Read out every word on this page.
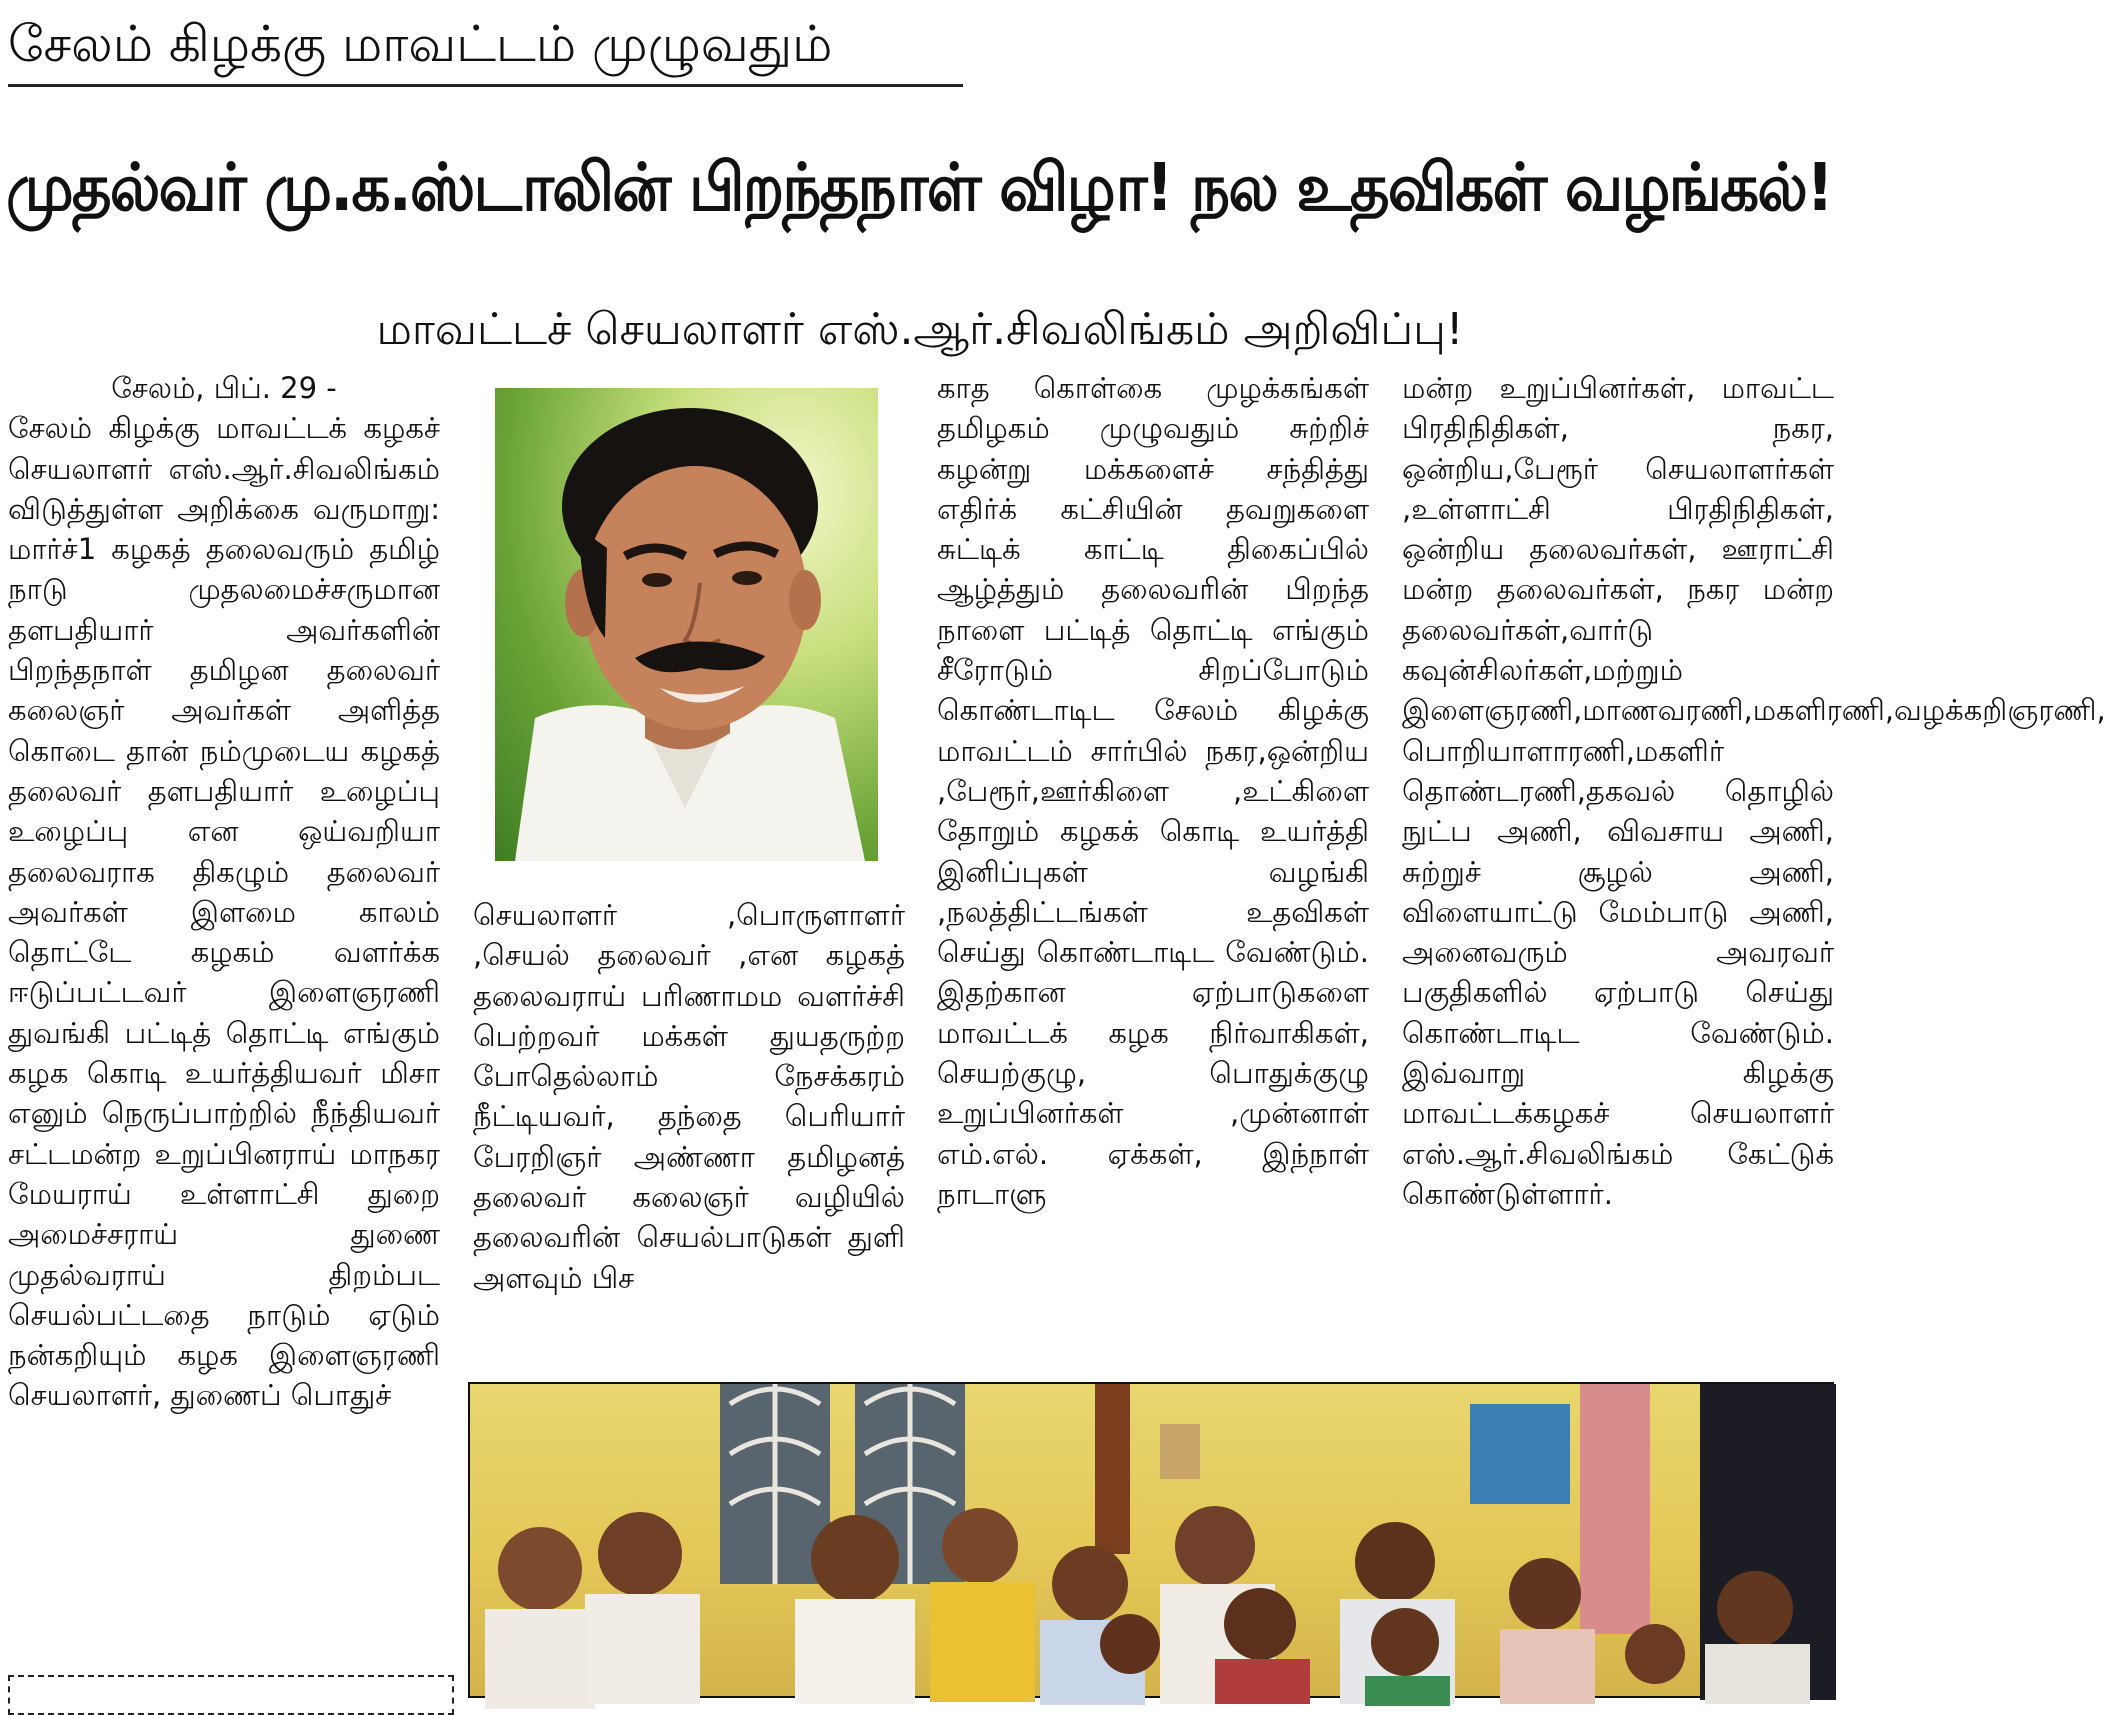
சேலம் கிழக்கு மாவட்டம் முழுவதும்
முதல்வர் மு.க.ஸ்டாலின் பிறந்தநாள் விழா! நல உதவிகள் வழங்கல்!
மாவட்டச் செயலாளர் எஸ்.ஆர்.சிவலிங்கம் அறிவிப்பு!
சேலம், பிப். 29 -

சேலம் கிழக்கு மாவட்டக் கழகச் செயலாளர் எஸ்.ஆர்.சிவலிங்கம் விடுத்துள்ள அறிக்கை வருமாறு: மார்ச்1 கழகத் தலைவரும் தமிழ் நாடு முதலமைச்சருமான தளபதியார் அவர்களின் பிறந்தநாள் தமிழன தலைவர் கலைஞர் அவர்கள் அளித்த கொடை தான் நம்முடைய கழகத் தலைவர் தளபதியார் உழைப்பு உழைப்பு என ஒய்வறியா தலைவராக திகழும் தலைவர் அவர்கள் இளமை காலம் தொட்டே கழகம் வளர்க்க ஈடுப்பட்டவர் இளைஞரணி துவங்கி பட்டித் தொட்டி எங்கும் கழக கொடி உயர்த்தியவர் மிசா எனும் நெருப்பாற்றில் நீந்தியவர் சட்டமன்ற உறுப்பினராய் மாநகர மேயராய் உள்ளாட்சி துறை அமைச்சராய் துணை முதல்வராய் திறம்பட செயல்பட்டதை நாடும் ஏடும் நன்கறியும் கழக இளைஞரணி செயலாளர், துணைப் பொதுச்

செயலாளர் ,பொருளாளர் ,செயல் தலைவர் ,என கழகத் தலைவராய் பரிணாமம வளர்ச்சி பெற்றவர் மக்கள் துயதருற்ற போதெல்லாம் நேசக்கரம் நீட்டியவர், தந்தை பெரியார் பேரறிஞர் அண்ணா தமிழனத் தலைவர் கலைஞர் வழியில் தலைவரின் செயல்பாடுகள் துளி அளவும் பிச

காத கொள்கை முழக்கங்கள் தமிழகம் முழுவதும் சுற்றிச் கழன்று மக்களைச் சந்தித்து எதிர்க் கட்சியின் தவறுகளை சுட்டிக் காட்டி திகைப்பில் ஆழ்த்தும் தலைவரின் பிறந்த நாளை பட்டித் தொட்டி எங்கும் சீரோடும் சிறப்போடும் கொண்டாடிட சேலம் கிழக்கு மாவட்டம் சார்பில் நகர,ஒன்றிய ,பேரூர்,ஊர்கிளை ,உட்கிளை தோறும் கழகக் கொடி உயர்த்தி இனிப்புகள் வழங்கி ,நலத்திட்டங்கள் உதவிகள் செய்து கொண்டாடிட வேண்டும். இதற்கான ஏற்பாடுகளை மாவட்டக் கழக நிர்வாகிகள், செயற்குழு, பொதுக்குழு உறுப்பினர்கள் ,முன்னாள் எம்.எல். ஏக்கள், இந்நாள் நாடாளு

மன்ற உறுப்பினர்கள், மாவட்ட பிரதிநிதிகள், நகர, ஒன்றிய,பேரூர் செயலாளர்கள் ,உள்ளாட்சி பிரதிநிதிகள், ஒன்றிய தலைவர்கள், ஊராட்சி மன்ற தலைவர்கள், நகர மன்ற தலைவர்கள்,வார்டு கவுன்சிலர்கள்,மற்றும் இளைஞரணி,மாணவரணி,மகளிரணி,வழக்கறிஞரணி, பொறியாளாரணி,மகளிர் தொண்டரணி,தகவல் தொழில் நுட்ப அணி, விவசாய அணி, சுற்றுச் சூழல் அணி, விளையாட்டு மேம்பாடு அணி, அனைவரும் அவரவர் பகுதிகளில் ஏற்பாடு செய்து கொண்டாடிட வேண்டும். இவ்வாறு கிழக்கு மாவட்டக்கழகச் செயலாளர் எஸ்.ஆர்.சிவலிங்கம் கேட்டுக் கொண்டுள்ளார்.
